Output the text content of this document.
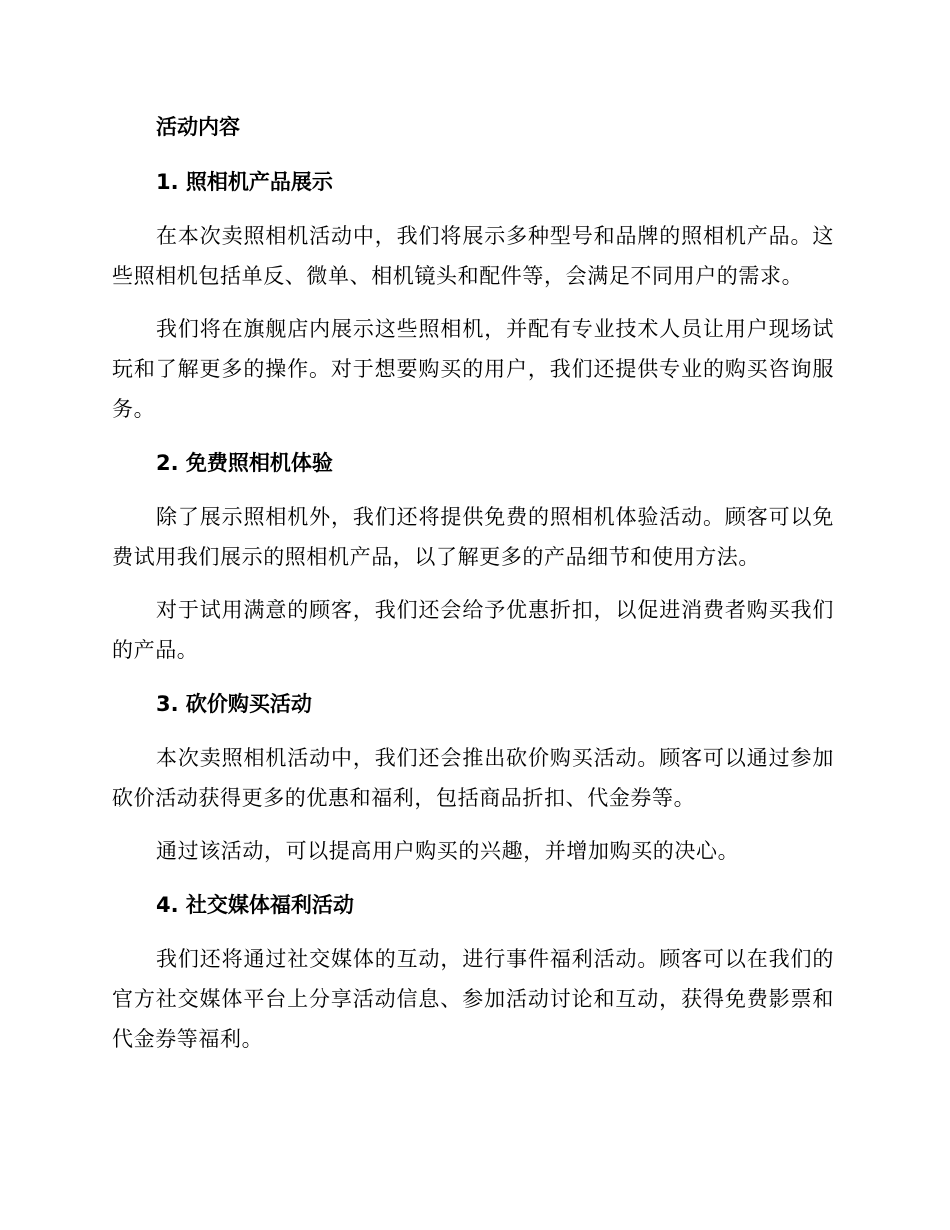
活动内容
1. 照相机产品展示

在本次卖照相机活动中，我们将展示多种型号和品牌的照相机产品。这些照相机包括单反、微单、相机镜头和配件等，会满足不同用户的需求。

我们将在旗舰店内展示这些照相机，并配有专业技术人员让用户现场试玩和了解更多的操作。对于想要购买的用户，我们还提供专业的购买咨询服务。

2. 免费照相机体验

除了展示照相机外，我们还将提供免费的照相机体验活动。顾客可以免费试用我们展示的照相机产品，以了解更多的产品细节和使用方法。

对于试用满意的顾客，我们还会给予优惠折扣，以促进消费者购买我们的产品。

3. 砍价购买活动

本次卖照相机活动中，我们还会推出砍价购买活动。顾客可以通过参加砍价活动获得更多的优惠和福利，包括商品折扣、代金券等。

通过该活动，可以提高用户购买的兴趣，并增加购买的决心。

4. 社交媒体福利活动

我们还将通过社交媒体的互动，进行事件福利活动。顾客可以在我们的官方社交媒体平台上分享活动信息、参加活动讨论和互动，获得免费影票和代金券等福利。
